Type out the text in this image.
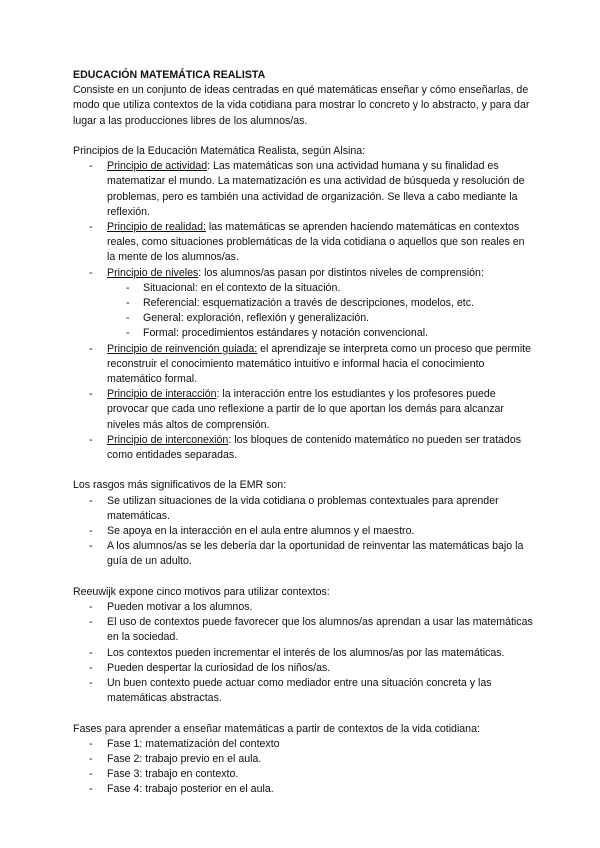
EDUCACIÓN MATEMÁTICA REALISTA

Consiste en un conjunto de ideas centradas en qué matemáticas enseñar y cómo enseñarlas, de modo que utiliza contextos de la vida cotidiana para mostrar lo concreto y lo abstracto, y para dar lugar a las producciones libres de los alumnos/as.

Principios de la Educación Matemática Realista, según Alsina:

- Principio de actividad: Las matemáticas son una actividad humana y su finalidad es matematizar el mundo. La matematización es una actividad de búsqueda y resolución de problemas, pero es también una actividad de organización. Se lleva a cabo mediante la reflexión.
- Principio de realidad: las matemáticas se aprenden haciendo matemáticas en contextos reales, como situaciones problemáticas de la vida cotidiana o aquellos que son reales en la mente de los alumnos/as.
- Principio de niveles: los alumnos/as pasan por distintos niveles de comprensión:
- Situacional: en el contexto de la situación.
- Referencial: esquematización a través de descripciones, modelos, etc.
- General: exploración, reflexión y generalización.
- Formal: procedimientos estándares y notación convencional.
- Principio de reinvención guiada: el aprendizaje se interpreta como un proceso que permite reconstruir el conocimiento matemático intuitivo e informal hacia el conocimiento matemático formal.
- Principio de interacción: la interacción entre los estudiantes y los profesores puede provocar que cada uno reflexione a partir de lo que aportan los demás para alcanzar niveles más altos de comprensión.
- Principio de interconexión: los bloques de contenido matemático no pueden ser tratados como entidades separadas.

Los rasgos más significativos de la EMR son:

- Se utilizan situaciones de la vida cotidiana o problemas contextuales para aprender matemáticas.
- Se apoya en la interacción en el aula entre alumnos y el maestro.
- A los alumnos/as se les debería dar la oportunidad de reinventar las matemáticas bajo la guía de un adulto.

Reeuwijk expone cinco motivos para utilizar contextos:

- Pueden motivar a los alumnos.
- El uso de contextos puede favorecer que los alumnos/as aprendan a usar las matemáticas en la sociedad.
- Los contextos pueden incrementar el interés de los alumnos/as por las matemáticas.
- Pueden despertar la curiosidad de los niños/as.
- Un buen contexto puede actuar como mediador entre una situación concreta y las matemáticas abstractas.

Fases para aprender a enseñar matemáticas a partir de contextos de la vida cotidiana:

- Fase 1: matematización del contexto
- Fase 2: trabajo previo en el aula.
- Fase 3: trabajo en contexto.
- Fase 4: trabajo posterior en el aula.
